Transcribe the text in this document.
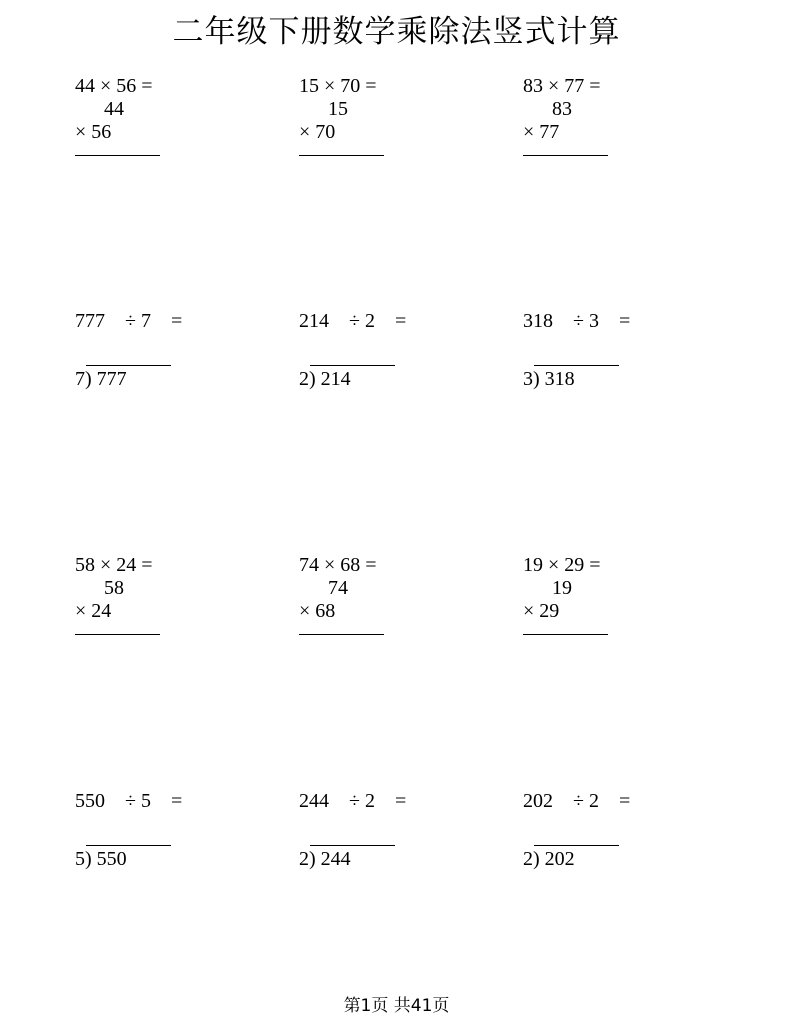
二年级下册数学乘除法竖式计算
44 × 56 =
44
× 56
15 × 70 =
15
× 70
83 × 77 =
83
× 77
777    ÷ 7    =
7) 777
214    ÷ 2    =
2) 214
318    ÷ 3    =
3) 318
58 × 24 =
58
× 24
74 × 68 =
74
× 68
19 × 29 =
19
× 29
550    ÷ 5    =
5) 550
244    ÷ 2    =
2) 244
202    ÷ 2    =
2) 202
第1页 共41页
